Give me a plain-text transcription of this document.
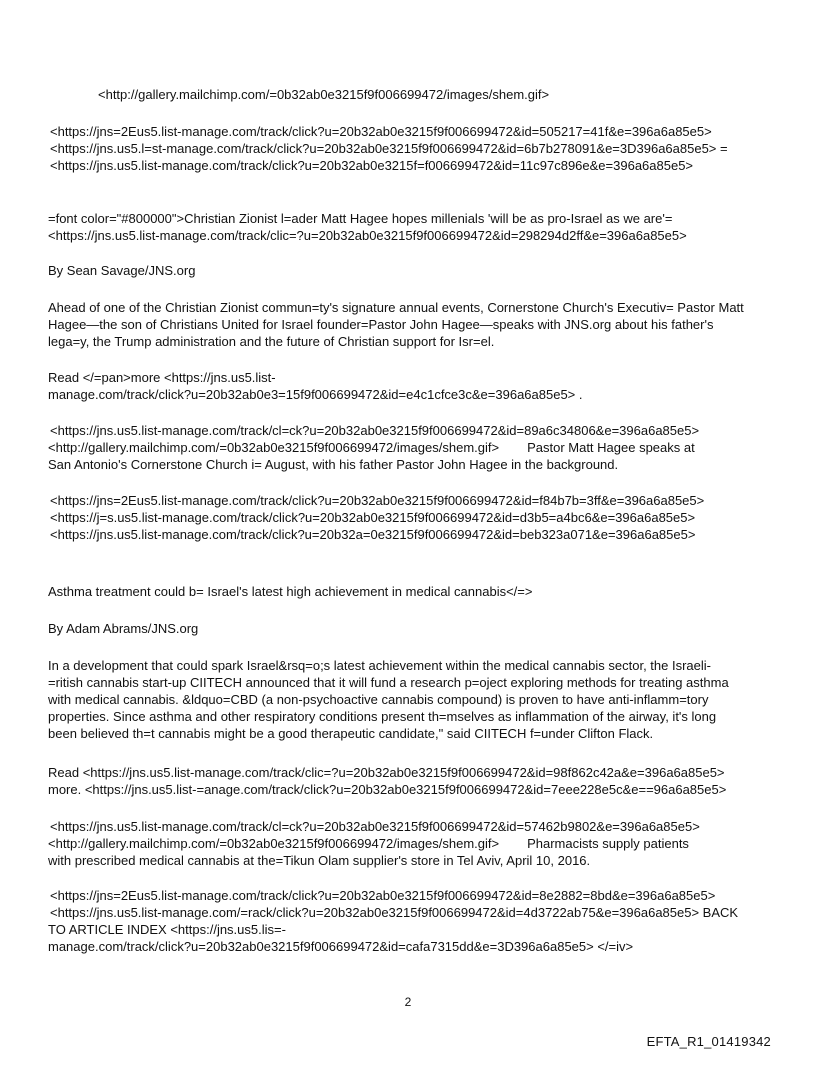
<http://gallery.mailchimp.com/=0b32ab0e3215f9f006699472/images/shem.gif>
<https://jns=2Eus5.list-manage.com/track/click?u=20b32ab0e3215f9f006699472&id=505217=41f&e=396a6a85e5>
<https://jns.us5.l=st-manage.com/track/click?u=20b32ab0e3215f9f006699472&id=6b7b278091&e=3D396a6a85e5> =
<https://jns.us5.list-manage.com/track/click?u=20b32ab0e3215f=f006699472&id=11c97c896e&e=396a6a85e5>
=font color="#800000">Christian Zionist l=ader Matt Hagee hopes millenials 'will be as pro-Israel as we are'=
<https://jns.us5.list-manage.com/track/clic=?u=20b32ab0e3215f9f006699472&id=298294d2ff&e=396a6a85e5>
By Sean Savage/JNS.org
Ahead of one of the Christian Zionist commun=ty's signature annual events, Cornerstone Church's Executiv= Pastor Matt
Hagee—the son of Christians United for Israel founder=Pastor John Hagee—speaks with JNS.org about his father's
lega=y, the Trump administration and the future of Christian support for Isr=el.
Read </=pan>more <https://jns.us5.list-
manage.com/track/click?u=20b32ab0e3=15f9f006699472&id=e4c1cfce3c&e=396a6a85e5> .
<https://jns.us5.list-manage.com/track/cl=ck?u=20b32ab0e3215f9f006699472&id=89a6c34806&e=396a6a85e5>
<http://gallery.mailchimp.com/=0b32ab0e3215f9f006699472/images/shem.gif> Pastor Matt Hagee speaks at
San Antonio's Cornerstone Church i= August, with his father Pastor John Hagee in the background.
<https://jns=2Eus5.list-manage.com/track/click?u=20b32ab0e3215f9f006699472&id=f84b7b=3ff&e=396a6a85e5>
<https://j=s.us5.list-manage.com/track/click?u=20b32ab0e3215f9f006699472&id=d3b5=a4bc6&e=396a6a85e5>
<https://jns.us5.list-manage.com/track/click?u=20b32a=0e3215f9f006699472&id=beb323a071&e=396a6a85e5>
Asthma treatment could b= Israel's latest high achievement in medical cannabis</=>
By Adam Abrams/JNS.org
In a development that could spark Israel&rsq=o;s latest achievement within the medical cannabis sector, the Israeli-
=ritish cannabis start-up CIITECH announced that it will fund a research p=oject exploring methods for treating asthma
with medical cannabis. &ldquo=CBD (a non-psychoactive cannabis compound) is proven to have anti-inflamm=tory
properties. Since asthma and other respiratory conditions present th=mselves as inflammation of the airway, it's long
been believed th=t cannabis might be a good therapeutic candidate," said CIITECH f=under Clifton Flack.
Read <https://jns.us5.list-manage.com/track/clic=?u=20b32ab0e3215f9f006699472&id=98f862c42a&e=396a6a85e5>
more. <https://jns.us5.list-=anage.com/track/click?u=20b32ab0e3215f9f006699472&id=7eee228e5c&e==96a6a85e5>
<https://jns.us5.list-manage.com/track/cl=ck?u=20b32ab0e3215f9f006699472&id=57462b9802&e=396a6a85e5>
<http://gallery.mailchimp.com/=0b32ab0e3215f9f006699472/images/shem.gif> Pharmacists supply patients
with prescribed medical cannabis at the=Tikun Olam supplier's store in Tel Aviv, April 10, 2016.
<https://jns=2Eus5.list-manage.com/track/click?u=20b32ab0e3215f9f006699472&id=8e2882=8bd&e=396a6a85e5>
<https://jns.us5.list-manage.com/=rack/click?u=20b32ab0e3215f9f006699472&id=4d3722ab75&e=396a6a85e5> BACK
TO ARTICLE INDEX <https://jns.us5.lis=-
manage.com/track/click?u=20b32ab0e3215f9f006699472&id=cafa7315dd&e=3D396a6a85e5> </=iv>
2
EFTA_R1_01419342
